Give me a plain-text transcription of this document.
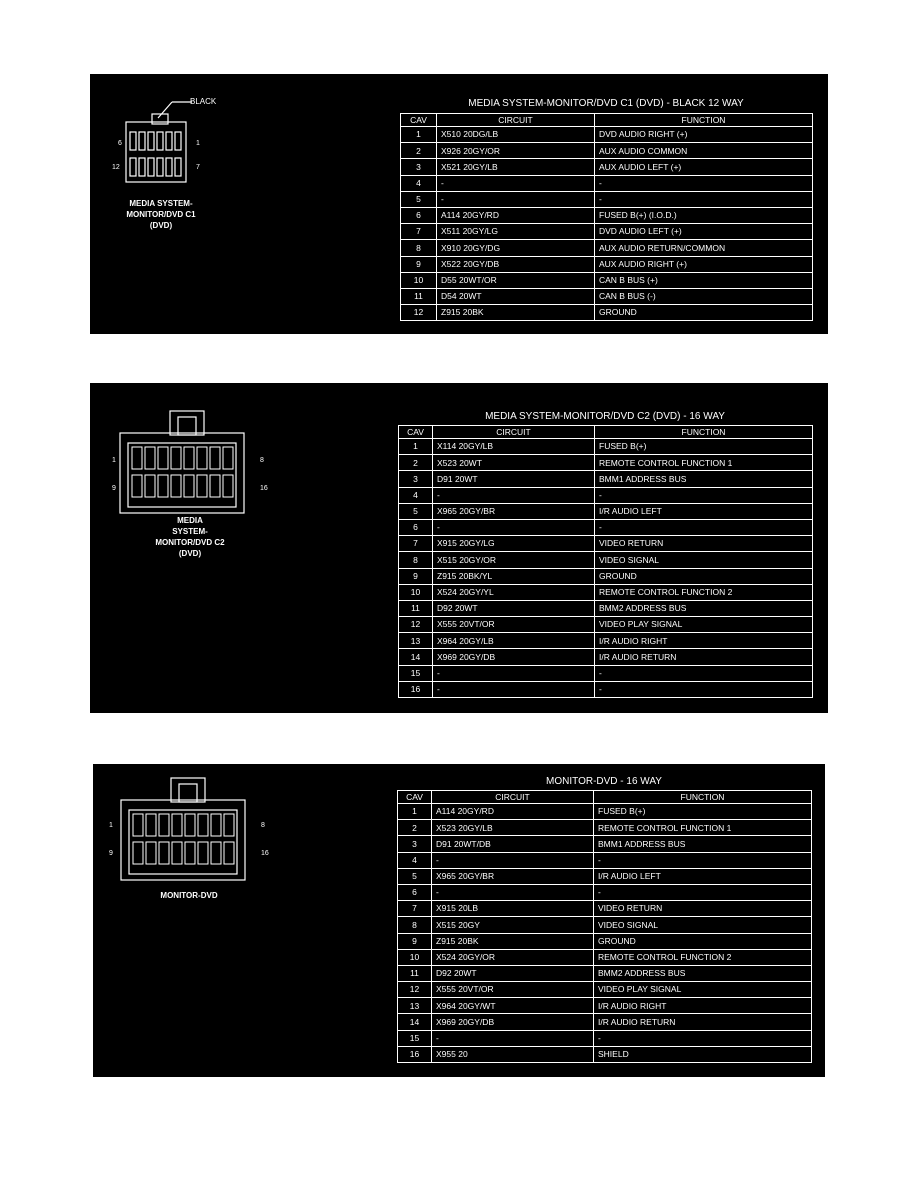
BLACK
6	1
12	7
MEDIA SYSTEM-
MONITOR/DVD C1
(DVD)
MEDIA SYSTEM-MONITOR/DVD C1 (DVD) - BLACK 12 WAY
CAV	CIRCUIT	FUNCTION
1	X510 20DG/LB	DVD AUDIO RIGHT (+)
2	X926 20GY/OR	AUX AUDIO COMMON
3	X521 20GY/LB	AUX AUDIO LEFT (+)
4	-	-
5	-	-
6	A114 20GY/RD	FUSED B(+) (I.O.D.)
7	X511 20GY/LG	DVD AUDIO LEFT (+)
8	X910 20GY/DG	AUX AUDIO RETURN/COMMON
9	X522 20GY/DB	AUX AUDIO RIGHT (+)
10	D55 20WT/OR	CAN B BUS (+)
11	D54 20WT	CAN B BUS (-)
12	Z915 20BK	GROUND
1	8
9	16
MEDIA
SYSTEM-
MONITOR/DVD C2
(DVD)
MEDIA SYSTEM-MONITOR/DVD C2 (DVD) - 16 WAY
CAV	CIRCUIT	FUNCTION
1	X114 20GY/LB	FUSED B(+)
2	X523 20WT	REMOTE CONTROL FUNCTION 1
3	D91 20WT	BMM1 ADDRESS BUS
4	-	-
5	X965 20GY/BR	I/R AUDIO LEFT
6	-	-
7	X915 20GY/LG	VIDEO RETURN
8	X515 20GY/OR	VIDEO SIGNAL
9	Z915 20BK/YL	GROUND
10	X524 20GY/YL	REMOTE CONTROL FUNCTION 2
11	D92 20WT	BMM2 ADDRESS BUS
12	X555 20VT/OR	VIDEO PLAY SIGNAL
13	X964 20GY/LB	I/R AUDIO RIGHT
14	X969 20GY/DB	I/R AUDIO RETURN
15	-	-
16	-	-
1	8
9	16
MONITOR-DVD
MONITOR-DVD - 16 WAY
CAV	CIRCUIT	FUNCTION
1	A114 20GY/RD	FUSED B(+)
2	X523 20GY/LB	REMOTE CONTROL FUNCTION 1
3	D91 20WT/DB	BMM1 ADDRESS BUS
4	-	-
5	X965 20GY/BR	I/R AUDIO LEFT
6	-	-
7	X915 20LB	VIDEO RETURN
8	X515 20GY	VIDEO SIGNAL
9	Z915 20BK	GROUND
10	X524 20GY/OR	REMOTE CONTROL FUNCTION 2
11	D92 20WT	BMM2 ADDRESS BUS
12	X555 20VT/OR	VIDEO PLAY SIGNAL
13	X964 20GY/WT	I/R AUDIO RIGHT
14	X969 20GY/DB	I/R AUDIO RETURN
15	-	-
16	X955 20	SHIELD
